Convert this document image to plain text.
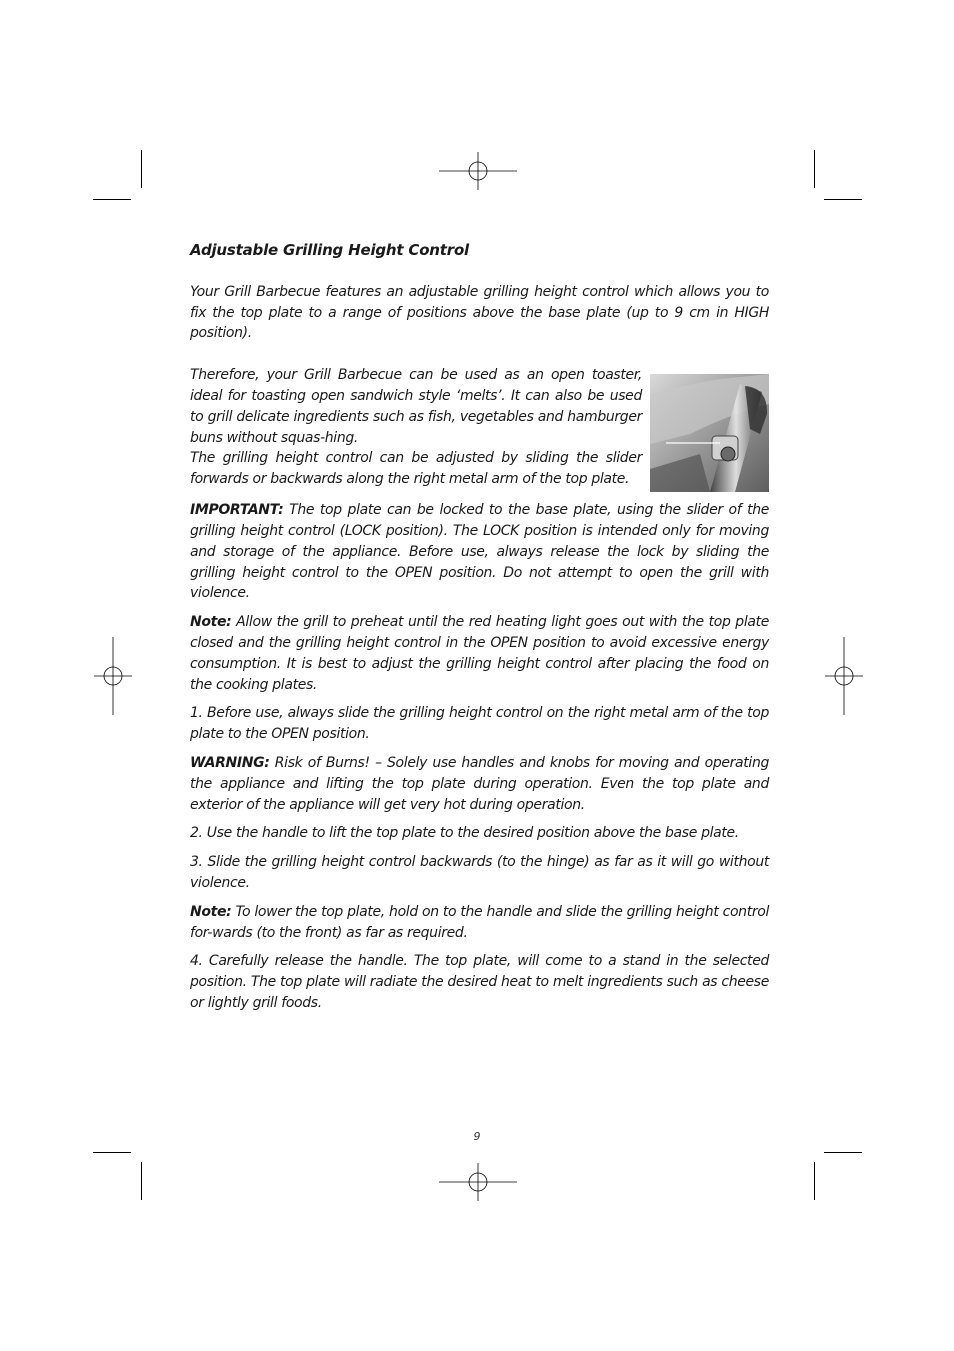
Adjustable Grilling Height Control

Your Grill Barbecue features an adjustable grilling height control which allows you to fix the top plate to a range of positions above the base plate (up to 9 cm in HIGH position).

Therefore, your Grill Barbecue can be used as an open toaster, ideal for toasting open sandwich style ‘melts’. It can also be used to grill delicate ingredients such as fish, vegetables and hamburger buns without squas-hing.

The grilling height control can be adjusted by sliding the slider forwards or backwards along the right metal arm of the top plate.

IMPORTANT: The top plate can be locked to the base plate, using the slider of the grilling height control (LOCK position). The LOCK position is intended only for moving and storage of the appliance. Before use, always release the lock by sliding the grilling height control to the OPEN position. Do not attempt to open the grill with violence.

Note: Allow the grill to preheat until the red heating light goes out with the top plate closed and the grilling height control in the OPEN position to avoid excessive energy consumption. It is best to adjust the grilling height control after placing the food on the cooking plates.

1. Before use, always slide the grilling height control on the right metal arm of the top plate to the OPEN position.

WARNING: Risk of Burns! – Solely use handles and knobs for moving and operating the appliance and lifting the top plate during operation. Even the top plate and exterior of the appliance will get very hot during operation.

2. Use the handle to lift the top plate to the desired position above the base plate.

3. Slide the grilling height control backwards (to the hinge) as far as it will go without violence.

Note: To lower the top plate, hold on to the handle and slide the grilling height control for-wards (to the front) as far as required.

4. Carefully release the handle. The top plate, will come to a stand in the selected position. The top plate will radiate the desired heat to melt ingredients such as cheese or lightly grill foods.

9
